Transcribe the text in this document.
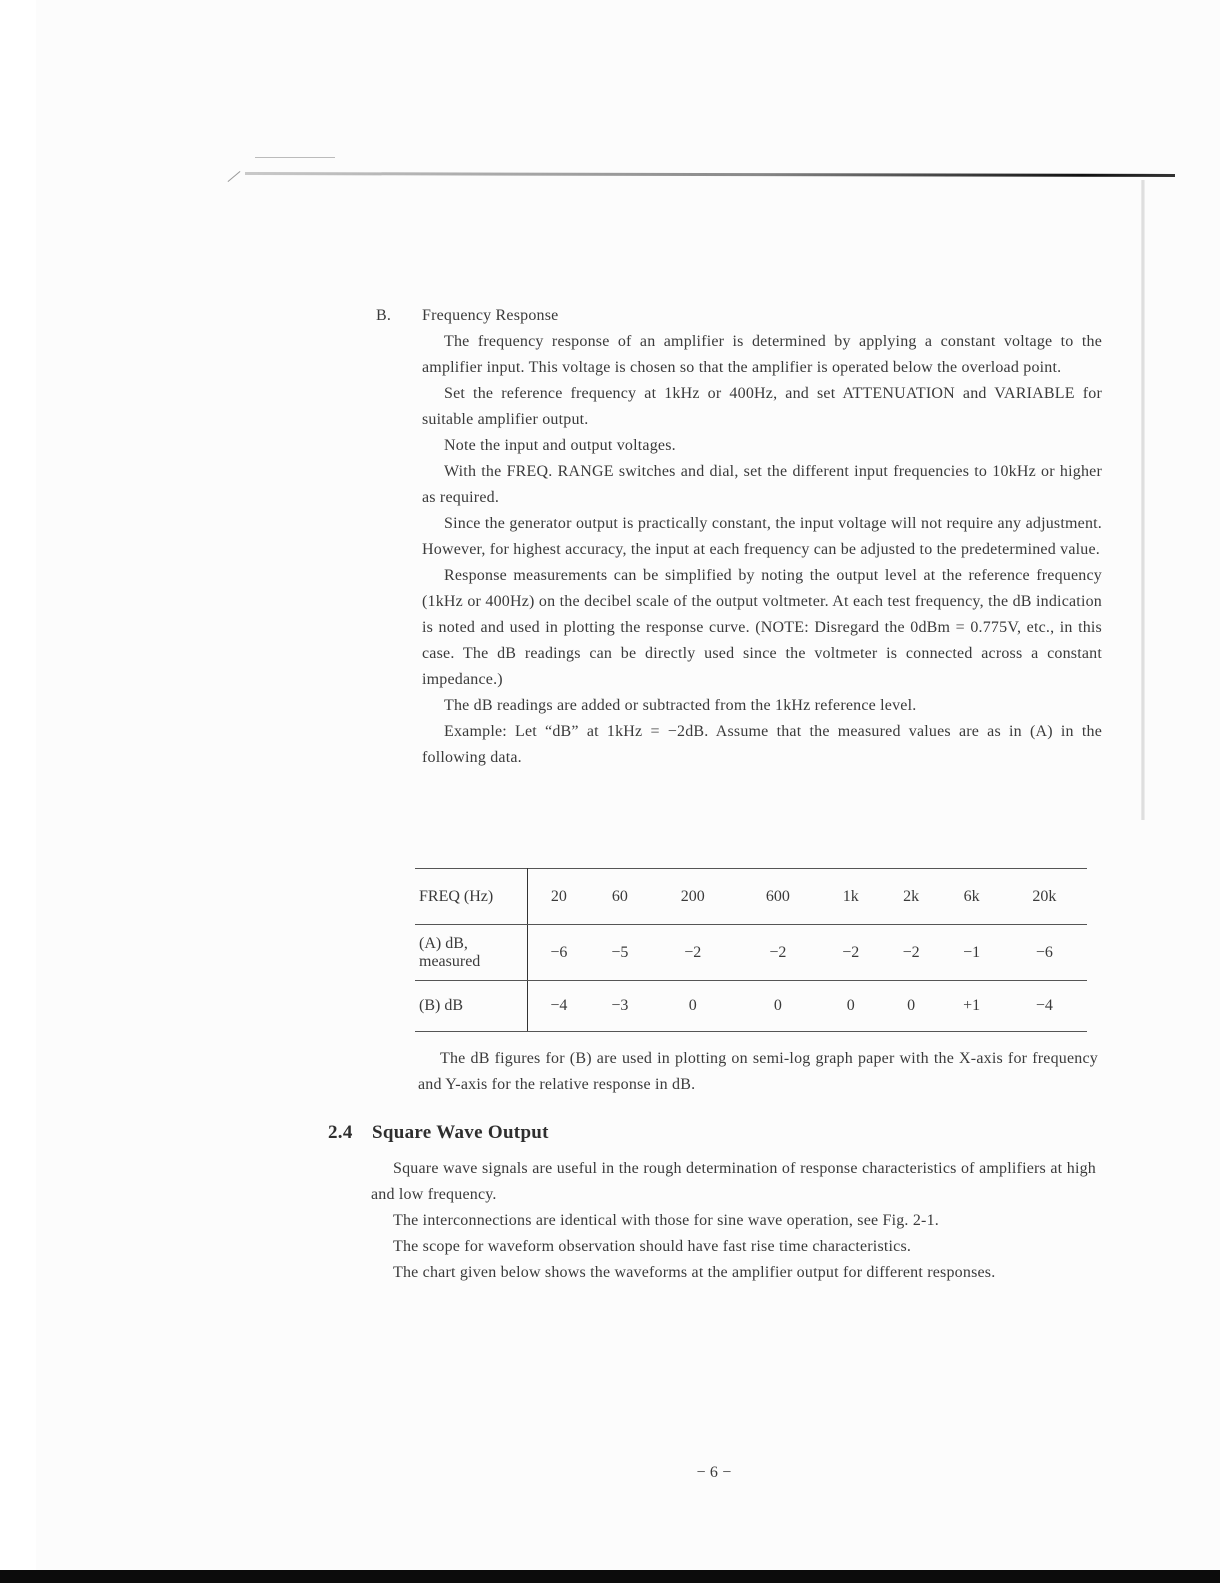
B. Frequency Response

The frequency response of an amplifier is determined by applying a constant voltage to the amplifier input. This voltage is chosen so that the amplifier is operated below the overload point.

Set the reference frequency at 1kHz or 400Hz, and set ATTENUATION and VARIABLE for suitable amplifier output.

Note the input and output voltages.

With the FREQ. RANGE switches and dial, set the different input frequencies to 10kHz or higher as required.

Since the generator output is practically constant, the input voltage will not require any adjustment. However, for highest accuracy, the input at each frequency can be adjusted to the predetermined value.

Response measurements can be simplified by noting the output level at the reference frequency (1kHz or 400Hz) on the decibel scale of the output voltmeter. At each test frequency, the dB indication is noted and used in plotting the response curve. (NOTE: Disregard the 0dBm = 0.775V, etc., in this case. The dB readings can be directly used since the voltmeter is connected across a constant impedance.)

The dB readings are added or subtracted from the 1kHz reference level.

Example: Let “dB” at 1kHz = −2dB. Assume that the measured values are as in (A) in the following data.

FREQ (Hz)	20	60	200	600	1k	2k	6k	20k
(A) dB,
measured	−6	−5	−2	−2	−2	−2	−1	−6
(B) dB	−4	−3	0	0	0	0	+1	−4

The dB figures for (B) are used in plotting on semi-log graph paper with the X-axis for frequency and Y-axis for the relative response in dB.

2.4 Square Wave Output

Square wave signals are useful in the rough determination of response characteristics of amplifiers at high and low frequency.

The interconnections are identical with those for sine wave operation, see Fig. 2-1.

The scope for waveform observation should have fast rise time characteristics.

The chart given below shows the waveforms at the amplifier output for different responses.

− 6 −
